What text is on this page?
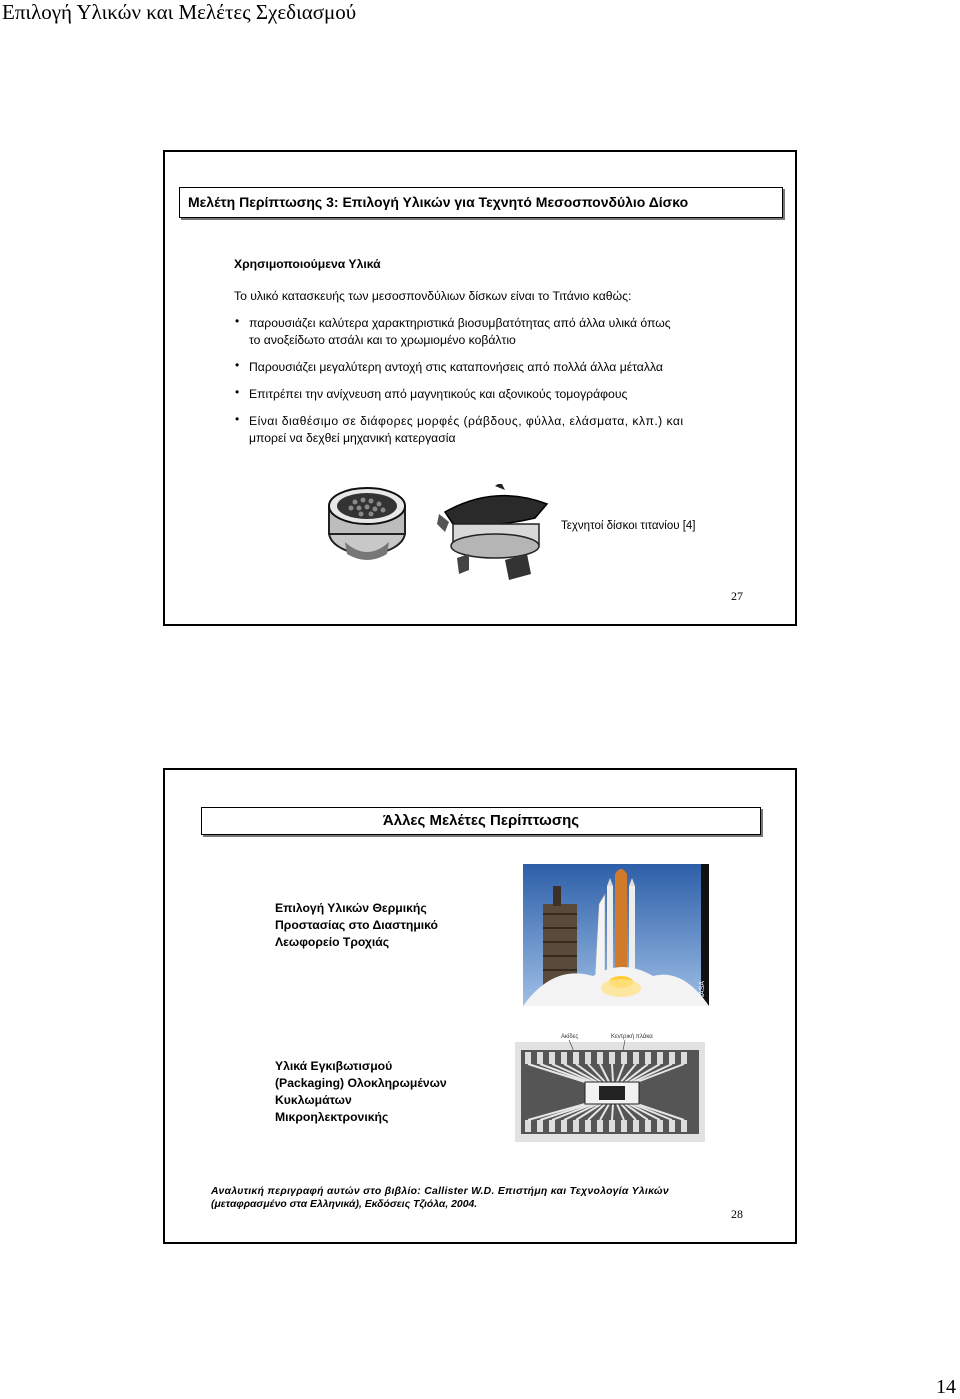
Επιλογή Υλικών και Μελέτες Σχεδιασμού
Μελέτη Περίπτωσης 3: Επιλογή Υλικών για Τεχνητό Μεσοσπονδύλιο Δίσκο
Χρησιμοποιούμενα Υλικά
Το υλικό κατασκευής των μεσοσπονδύλιων δίσκων είναι το Τιτάνιο καθώς:
• παρουσιάζει καλύτερα χαρακτηριστικά βιοσυμβατότητας από άλλα υλικά όπως
το ανοξείδωτο ατσάλι και το χρωμιομένο κοβάλτιο
• Παρουσιάζει μεγαλύτερη αντοχή στις καταπονήσεις από πολλά άλλα μέταλλα
• Επιτρέπει την ανίχνευση από μαγνητικούς και αξονικούς τομογράφους
• Είναι διαθέσιμο σε διάφορες μορφές (ράβδους, φύλλα, ελάσματα, κλπ.) και
μπορεί να δεχθεί μηχανική κατεργασία
Τεχνητοί δίσκοι τιτανίου [4]
27
Άλλες Μελέτες Περίπτωσης
Επιλογή Υλικών Θερμικής
Προστασίας στο Διαστημικό
Λεωφορείο Τροχιάς
NASA
Υλικά Εγκιβωτισμού
(Packaging) Ολοκληρωμένων
Κυκλωμάτων
Μικροηλεκτρονικής
Ακίδες	Κεντρική πλάκα
Αναλυτική περιγραφή αυτών στο βιβλίο: Callister W.D. Επιστήμη και Τεχνολογία Υλικών
(μεταφρασμένο στα Ελληνικά), Εκδόσεις Τζιόλα, 2004.
28
14
